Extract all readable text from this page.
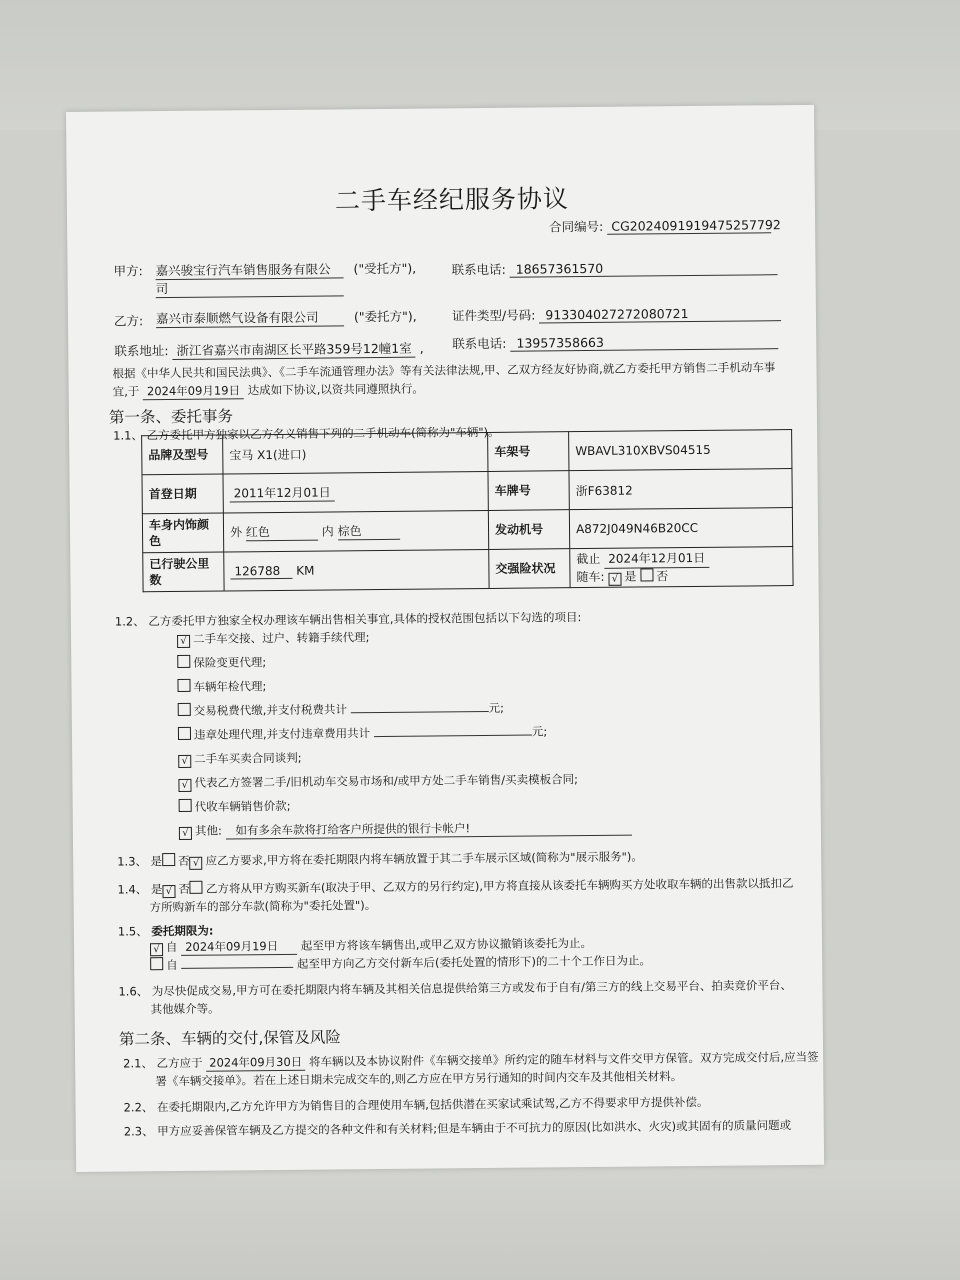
二手车经纪服务协议
合同编号: CG2024091919475257792
甲方: 嘉兴骏宝行汽车销售服务有限公
司
("受托方"),	联系电话: 18657361570
乙方: 嘉兴市泰顺燃气设备有限公司	("委托方"),	证件类型/号码: 913304027272080721
联系地址: 浙江省嘉兴市南湖区长平路359号12幢1室 , 联系电话: 13957358663
根据《中华人民共和国民法典》、《二手车流通管理办法》等有关法律法规,甲、乙双方经友好协商,就乙方委托甲方销售二手机动车事
宜,于 2024年09月19日 达成如下协议,以资共同遵照执行。
第一条、委托事务
1.1、 乙方委托甲方独家以乙方名义销售下列的二手机动车(简称为"车辆")。
品牌及型号	宝马 X1(进口)	车架号	WBAVL310XBVS04515
首登日期	2011年12月01日	车牌号	浙F63812
车身内饰颜
色	外 红色 内 棕色	发动机号	A872J049N46B20CC
已行驶公里
数	126788 KM	交强险状况	截止 2024年12月01日
随车: √ 是 否
1.2、 乙方委托甲方独家全权办理该车辆出售相关事宜,具体的授权范围包括以下勾选的项目:
√ 二手车交接、过户、转籍手续代理;
保险变更代理;
车辆年检代理;
交易税费代缴,并支付税费共计	元;
违章处理代理,并支付违章费用共计	元;
√ 二手车买卖合同谈判;
√ 代表乙方签署二手/旧机动车交易市场和/或甲方处二手车销售/买卖模板合同;
代收车辆销售价款;
√ 其他: 如有多余车款将打给客户所提供的银行卡帐户!
1.3、 是 否 √ 应乙方要求,甲方将在委托期限内将车辆放置于其二手车展示区域(简称为"展示服务")。
1.4、 是 √ 否 乙方将从甲方购买新车(取决于甲、乙双方的另行约定),甲方将直接从该委托车辆购买方处收取车辆的出售款以抵扣乙
方所购新车的部分车款(简称为"委托处置")。
1.5、 委托期限为:
√ 自 2024年09月19日 起至甲方将该车辆售出,或甲乙双方协议撤销该委托为止。
自	起至甲方向乙方交付新车后(委托处置的情形下)的二十个工作日为止。
1.6、 为尽快促成交易,甲方可在委托期限内将车辆及其相关信息提供给第三方或发布于自有/第三方的线上交易平台、拍卖竞价平台、
其他媒介等。
第二条、车辆的交付,保管及风险
2.1、 乙方应于 2024年09月30日 将车辆以及本协议附件《车辆交接单》所约定的随车材料与文件交甲方保管。双方完成交付后,应当签
署《车辆交接单》。若在上述日期未完成交车的,则乙方应在甲方另行通知的时间内交车及其他相关材料。
2.2、 在委托期限内,乙方允许甲方为销售目的合理使用车辆,包括供潜在买家试乘试驾,乙方不得要求甲方提供补偿。
2.3、 甲方应妥善保管车辆及乙方提交的各种文件和有关材料;但是车辆由于不可抗力的原因(比如洪水、火灾)或其固有的质量问题或
